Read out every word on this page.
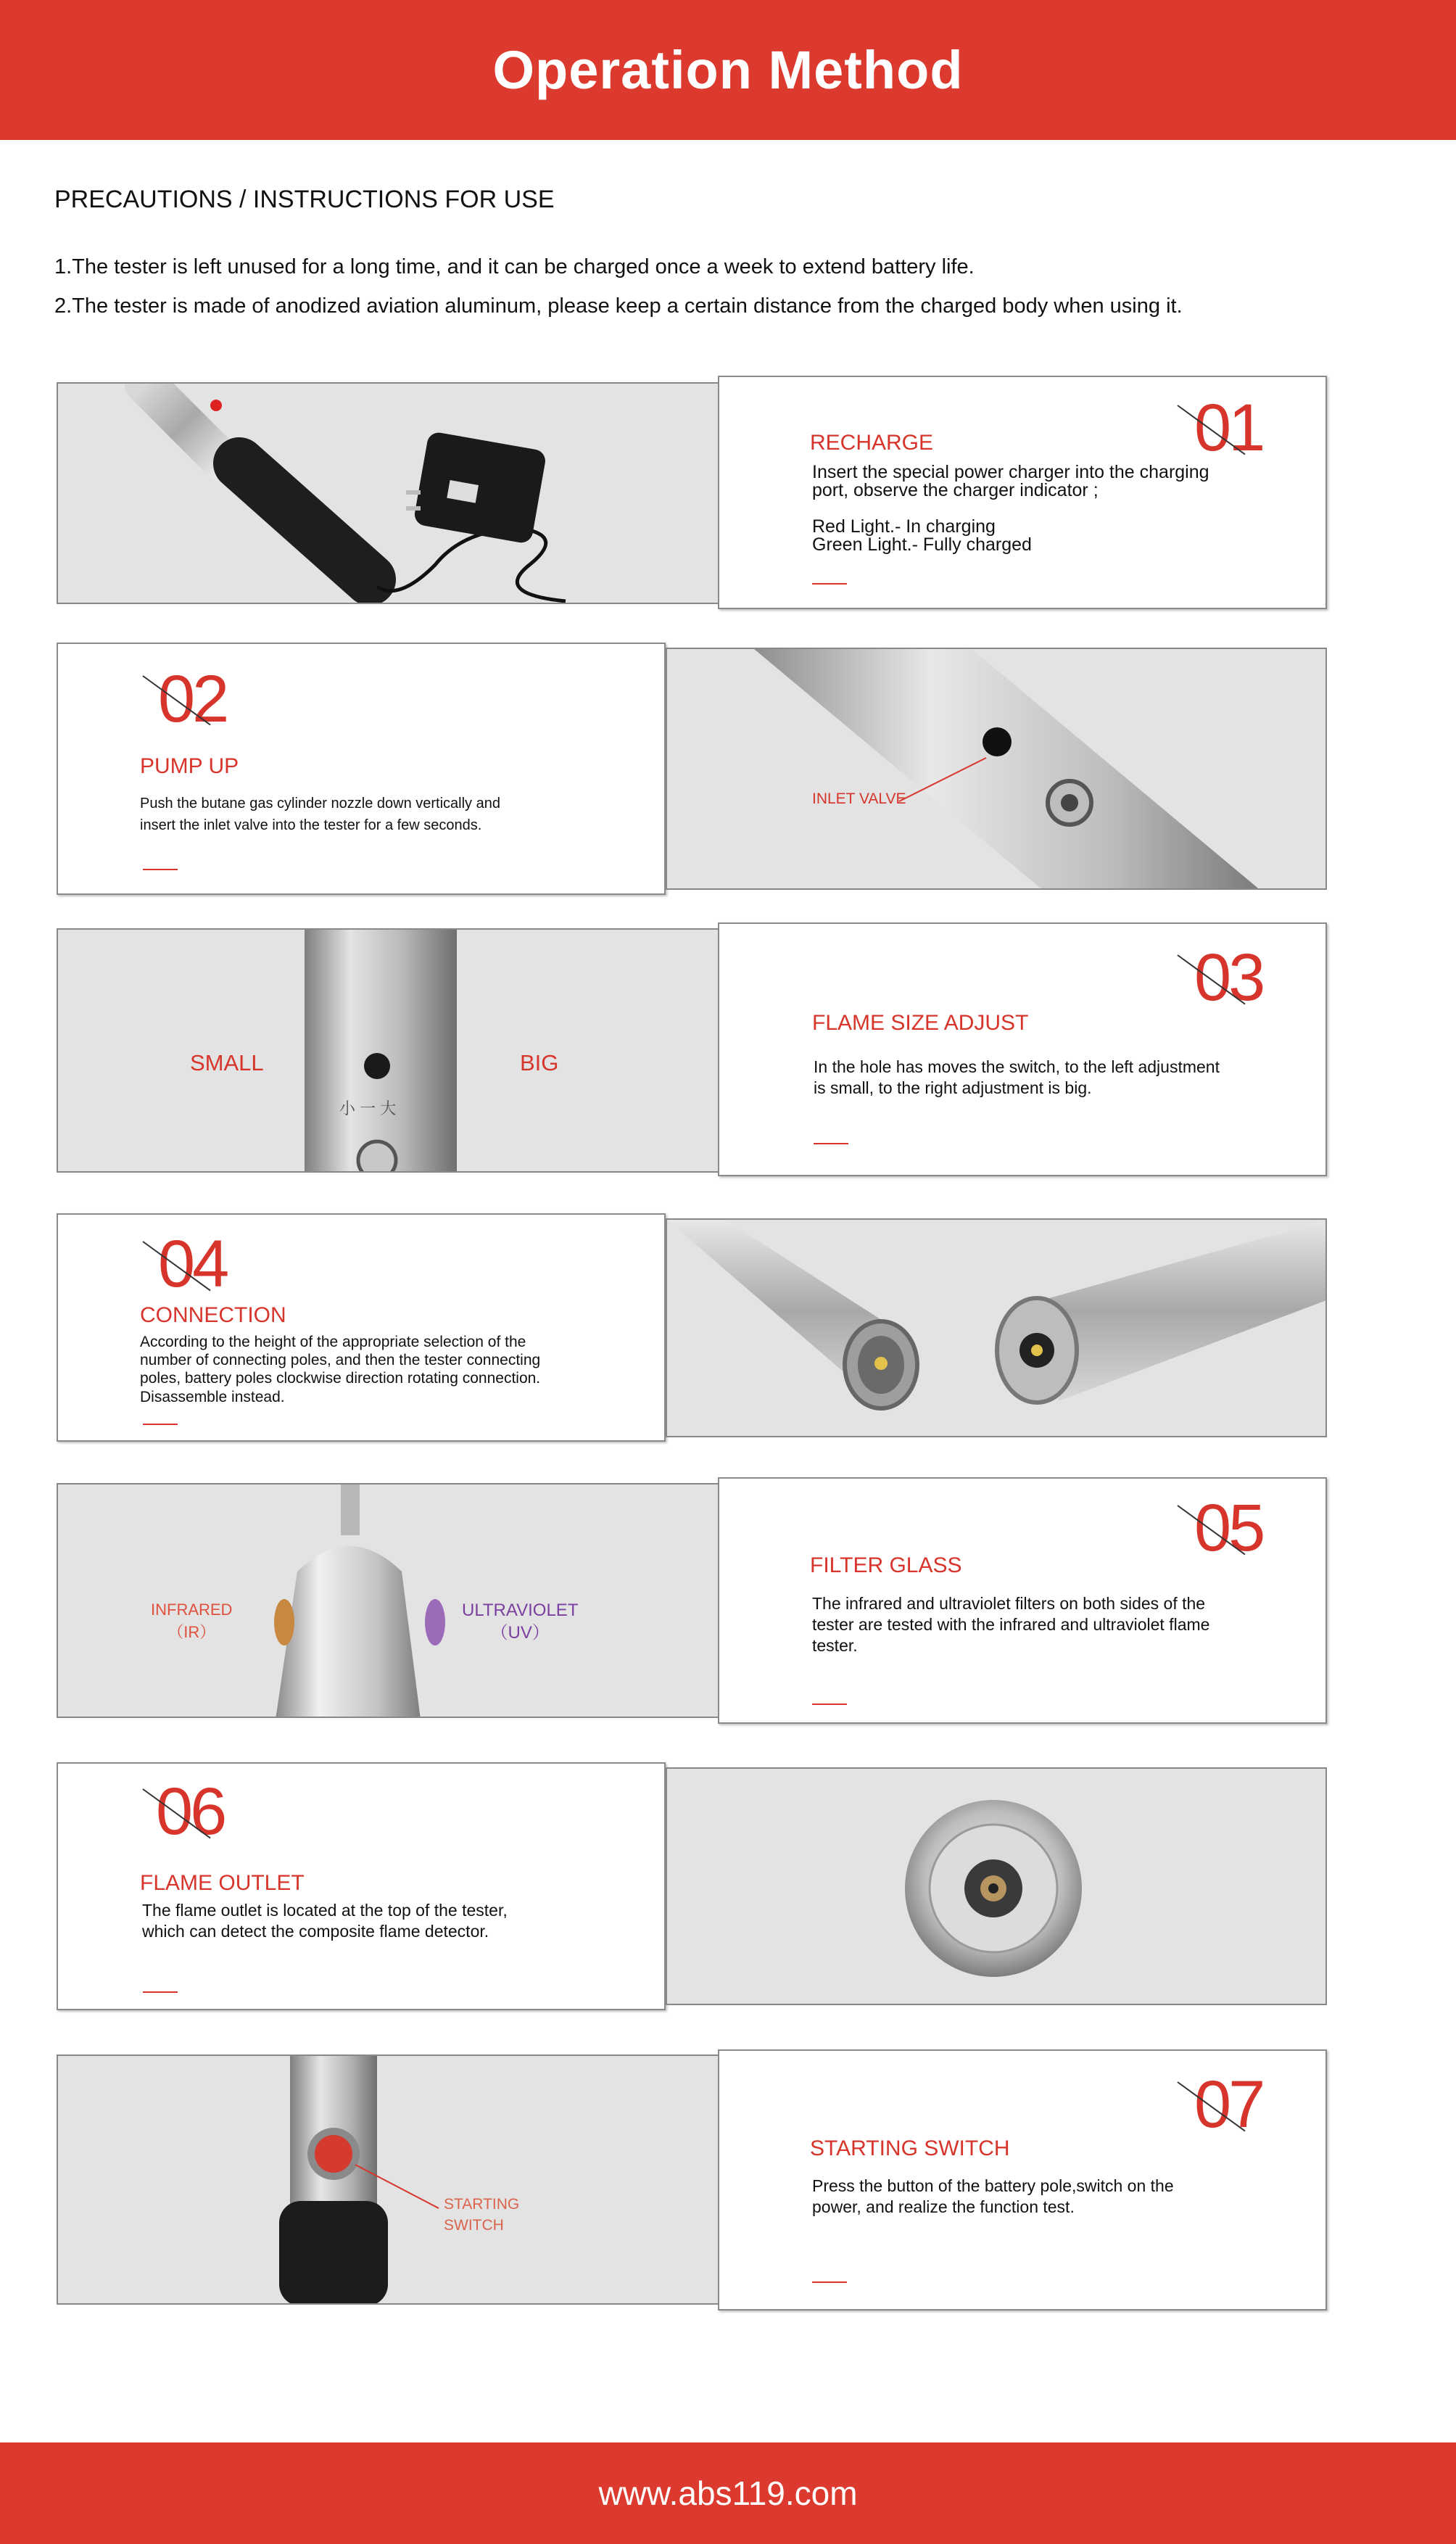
Operation Method
PRECAUTIONS / INSTRUCTIONS FOR USE
1.The tester is left unused for a long time, and it can be charged once a week to extend battery life.
2.The tester is made of anodized aviation aluminum, please keep a certain distance from the charged body when using it.
01
RECHARGE
Insert the special power charger into the charging
port, observe the charger indicator ;

Red Light.- In charging
Green Light.- Fully charged
02
PUMP UP
Push the butane gas cylinder nozzle down vertically and
insert the inlet valve into the tester for a few seconds.
INLET VALVE
SMALL	BIG
小 一 大
03
FLAME SIZE ADJUST
In the hole has moves the switch, to the left adjustment
is small, to the right adjustment is big.
04
CONNECTION
According to the height of the appropriate selection of the
number of connecting poles, and then the tester connecting
poles, battery poles clockwise direction rotating connection.
Disassemble instead.
INFRARED
（IR）
ULTRAVIOLET
（UV）
05
FILTER GLASS
The infrared and ultraviolet filters on both sides of the
tester are tested with the infrared and ultraviolet flame
tester.
06
FLAME OUTLET
The flame outlet is located at the top of the tester,
which can detect the composite flame detector.
STARTING
SWITCH
07
STARTING SWITCH
Press the button of the battery pole,switch on the
power, and realize the function test.
www.abs119.com
